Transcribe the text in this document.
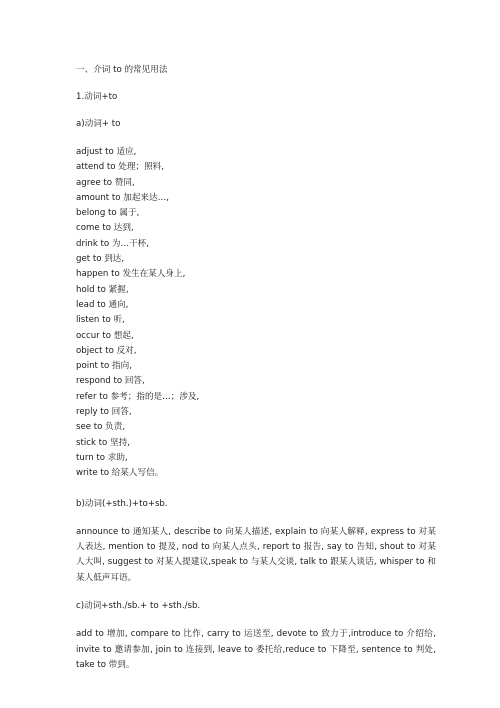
一、介词 to 的常见用法

1.动词+to

a)动词+ to

adjust to 适应,
attend to 处理；照料,
agree to 赞同,
amount to 加起来达…,
belong to 属于,
come to 达到,
drink to 为…干杯,
get to 到达,
happen to 发生在某人身上,
hold to 紧握,
lead to 通向,
listen to 听,
occur to 想起,
object to 反对,
point to 指向,
respond to 回答,
refer to 参考；指的是…；涉及,
reply to 回答,
see to 负责,
stick to 坚持,
turn to 求助,
write to 给某人写信。

b)动词(+sth.)+to+sb.

announce to 通知某人, describe to 向某人描述, explain to 向某人解释, express to 对某人表达, mention to 提及, nod to 向某人点头, report to 报告, say to 告知, shout to 对某人大叫, suggest to 对某人提建议,speak to 与某人交谈, talk to 跟某人谈话, whisper to 和某人低声耳语。

c)动词+sth./sb.+ to +sth./sb.

add to 增加, compare to 比作, carry to 运送至, devote to 致力于,introduce to 介绍给, invite to 邀请参加, join to 连接到, leave to 委托给,reduce to 下降至, sentence to 判处, take to 带到。
